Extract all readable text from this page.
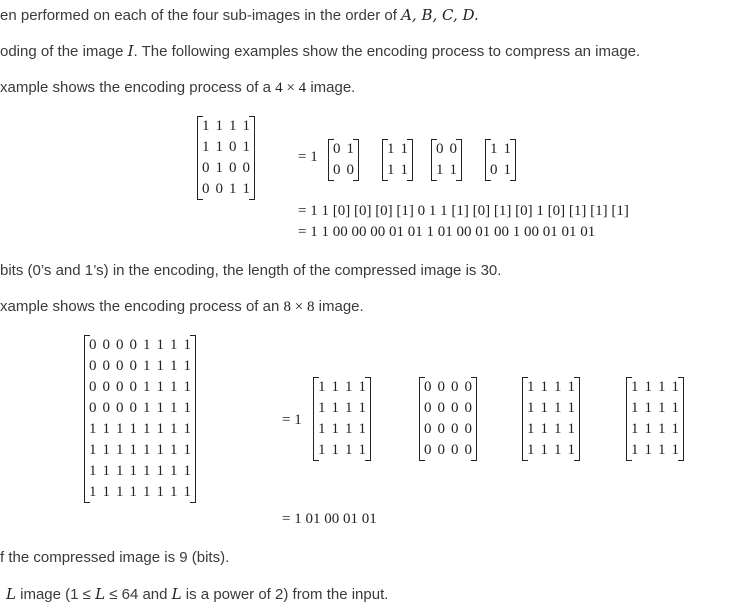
en performed on each of the four sub-images in the order of A, B, C, D.
oding of the image I. The following examples show the encoding process to compress an image.
xample shows the encoding process of a 4 × 4 image.
1	1	1	1
1	1	0	1
0	1	0	0
0	0	1	1
= 1 0	1
0	0
1	1
1	1
0	0
1	1
1	1
0	1
= 1 1 [0] [0] [0] [1] 0 1 1 [1] [0] [1] [0] 1 [0] [1] [1] [1]
= 1 1 00 00 00 01 01 1 01 00 01 00 1 00 01 01 01
bits (0’s and 1’s) in the encoding, the length of the compressed image is 30.
xample shows the encoding process of an 8 × 8 image.
0	0	0	0	1	1	1	1
0	0	0	0	1	1	1	1
0	0	0	0	1	1	1	1
0	0	0	0	1	1	1	1
1	1	1	1	1	1	1	1
1	1	1	1	1	1	1	1
1	1	1	1	1	1	1	1
1	1	1	1	1	1	1	1
= 1
1	1	1	1
1	1	1	1
1	1	1	1
1	1	1	1
0	0	0	0
0	0	0	0
0	0	0	0
0	0	0	0
1	1	1	1
1	1	1	1
1	1	1	1
1	1	1	1
1	1	1	1
1	1	1	1
1	1	1	1
1	1	1	1
= 1 01 00 01 01
f the compressed image is 9 (bits).
L image (1 ≤ L ≤ 64 and L is a power of 2) from the input.
